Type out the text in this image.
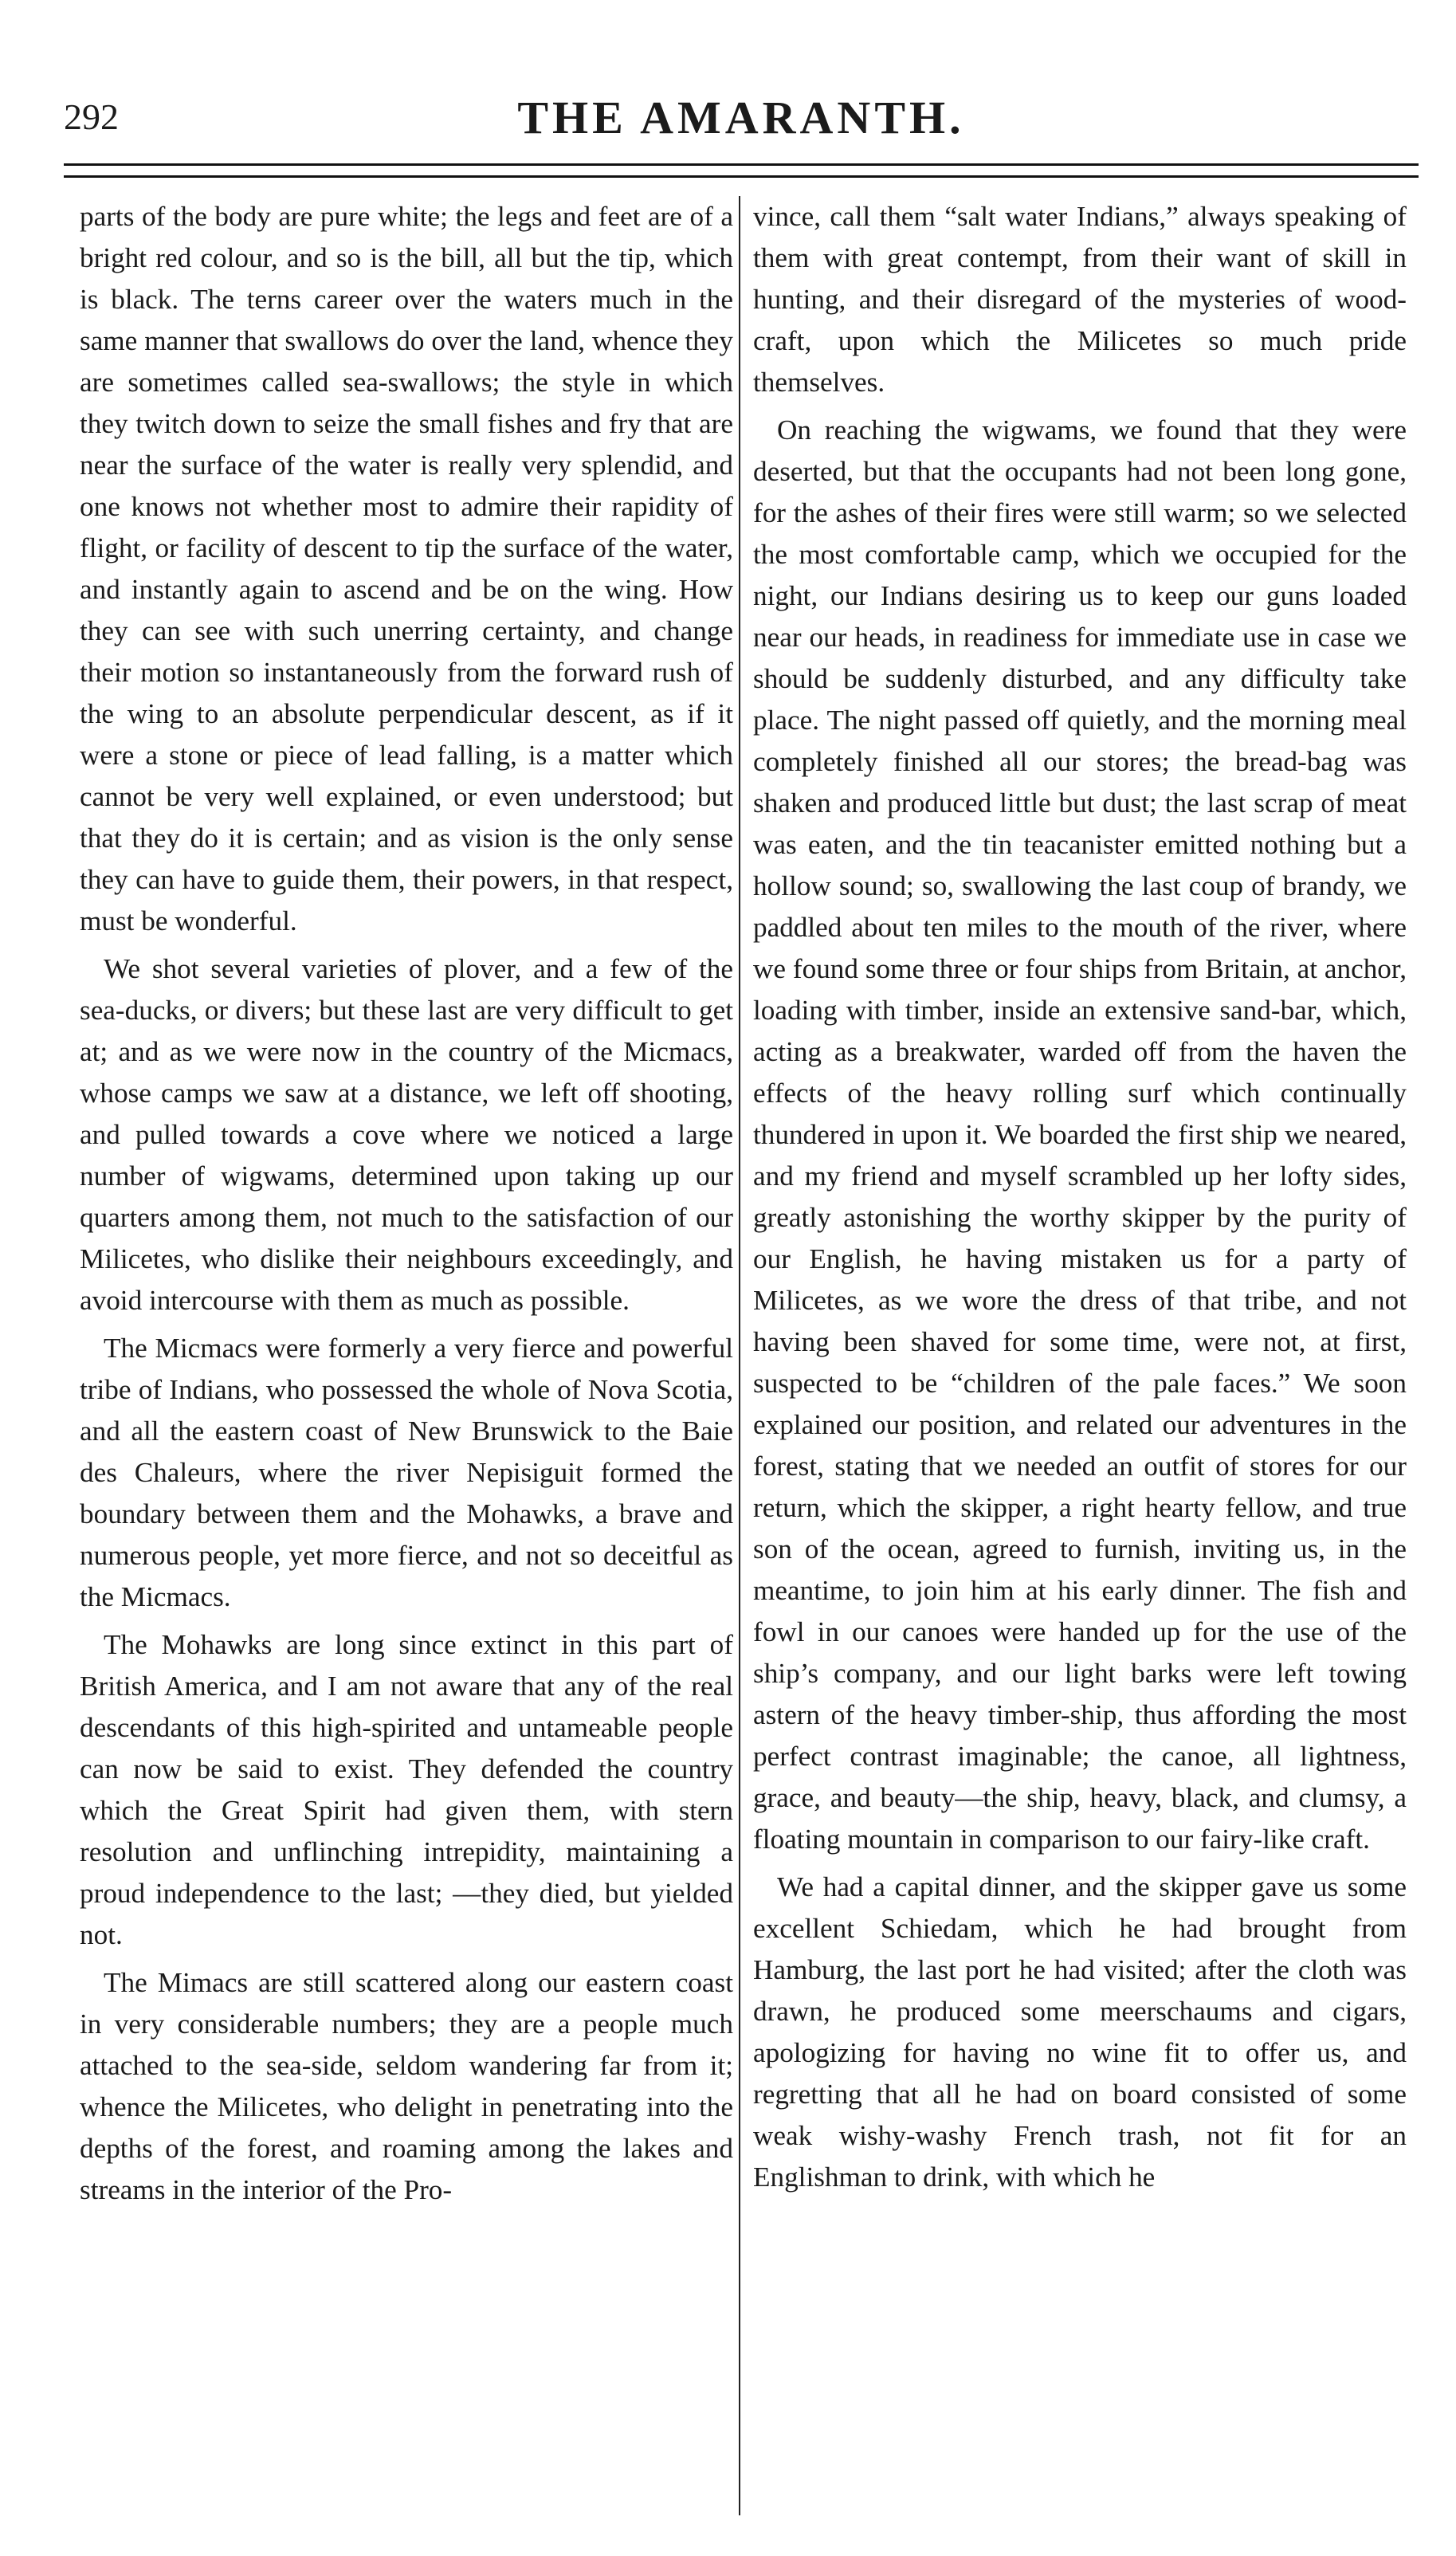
292	THE AMARANTH.

parts of the body are pure white; the legs and feet are of a bright red colour, and so is the bill, all but the tip, which is black. The terns career over the waters much in the same manner that swallows do over the land, whence they are sometimes called sea-swallows; the style in which they twitch down to seize the small fishes and fry that are near the surface of the water is really very splendid, and one knows not whether most to admire their rapidity of flight, or facility of descent to tip the surface of the water, and instantly again to ascend and be on the wing. How they can see with such unerring certainty, and change their motion so instantaneously from the forward rush of the wing to an absolute perpendicular descent, as if it were a stone or piece of lead falling, is a matter which cannot be very well explained, or even understood; but that they do it is certain; and as vision is the only sense they can have to guide them, their powers, in that respect, must be wonderful.

We shot several varieties of plover, and a few of the sea-ducks, or divers; but these last are very difficult to get at; and as we were now in the country of the Micmacs, whose camps we saw at a distance, we left off shooting, and pulled towards a cove where we noticed a large number of wigwams, determined upon taking up our quarters among them, not much to the satisfaction of our Milicetes, who dislike their neighbours exceedingly, and avoid intercourse with them as much as possible.

The Micmacs were formerly a very fierce and powerful tribe of Indians, who possessed the whole of Nova Scotia, and all the eastern coast of New Brunswick to the Baie des Chaleurs, where the river Nepisiguit formed the boundary between them and the Mohawks, a brave and numerous people, yet more fierce, and not so deceitful as the Micmacs.

The Mohawks are long since extinct in this part of British America, and I am not aware that any of the real descendants of this high-spirited and untameable people can now be said to exist. They defended the country which the Great Spirit had given them, with stern resolution and unflinching intrepidity, maintaining a proud independence to the last; —they died, but yielded not.

The Mimacs are still scattered along our eastern coast in very considerable numbers; they are a people much attached to the sea-side, seldom wandering far from it; whence the Milicetes, who delight in penetrating into the depths of the forest, and roaming among the lakes and streams in the interior of the Pro-

vince, call them “salt water Indians,” always speaking of them with great contempt, from their want of skill in hunting, and their disregard of the mysteries of wood-craft, upon which the Milicetes so much pride themselves.

On reaching the wigwams, we found that they were deserted, but that the occupants had not been long gone, for the ashes of their fires were still warm; so we selected the most comfortable camp, which we occupied for the night, our Indians desiring us to keep our guns loaded near our heads, in readiness for immediate use in case we should be suddenly disturbed, and any difficulty take place. The night passed off quietly, and the morning meal completely finished all our stores; the bread-bag was shaken and produced little but dust; the last scrap of meat was eaten, and the tin teacanister emitted nothing but a hollow sound; so, swallowing the last coup of brandy, we paddled about ten miles to the mouth of the river, where we found some three or four ships from Britain, at anchor, loading with timber, inside an extensive sand-bar, which, acting as a breakwater, warded off from the haven the effects of the heavy rolling surf which continually thundered in upon it. We boarded the first ship we neared, and my friend and myself scrambled up her lofty sides, greatly astonishing the worthy skipper by the purity of our English, he having mistaken us for a party of Milicetes, as we wore the dress of that tribe, and not having been shaved for some time, were not, at first, suspected to be “children of the pale faces.” We soon explained our position, and related our adventures in the forest, stating that we needed an outfit of stores for our return, which the skipper, a right hearty fellow, and true son of the ocean, agreed to furnish, inviting us, in the meantime, to join him at his early dinner. The fish and fowl in our canoes were handed up for the use of the ship’s company, and our light barks were left towing astern of the heavy timber-ship, thus affording the most perfect contrast imaginable; the canoe, all lightness, grace, and beauty—the ship, heavy, black, and clumsy, a floating mountain in comparison to our fairy-like craft.

We had a capital dinner, and the skipper gave us some excellent Schiedam, which he had brought from Hamburg, the last port he had visited; after the cloth was drawn, he produced some meerschaums and cigars, apologizing for having no wine fit to offer us, and regretting that all he had on board consisted of some weak wishy-washy French trash, not fit for an Englishman to drink, with which he
